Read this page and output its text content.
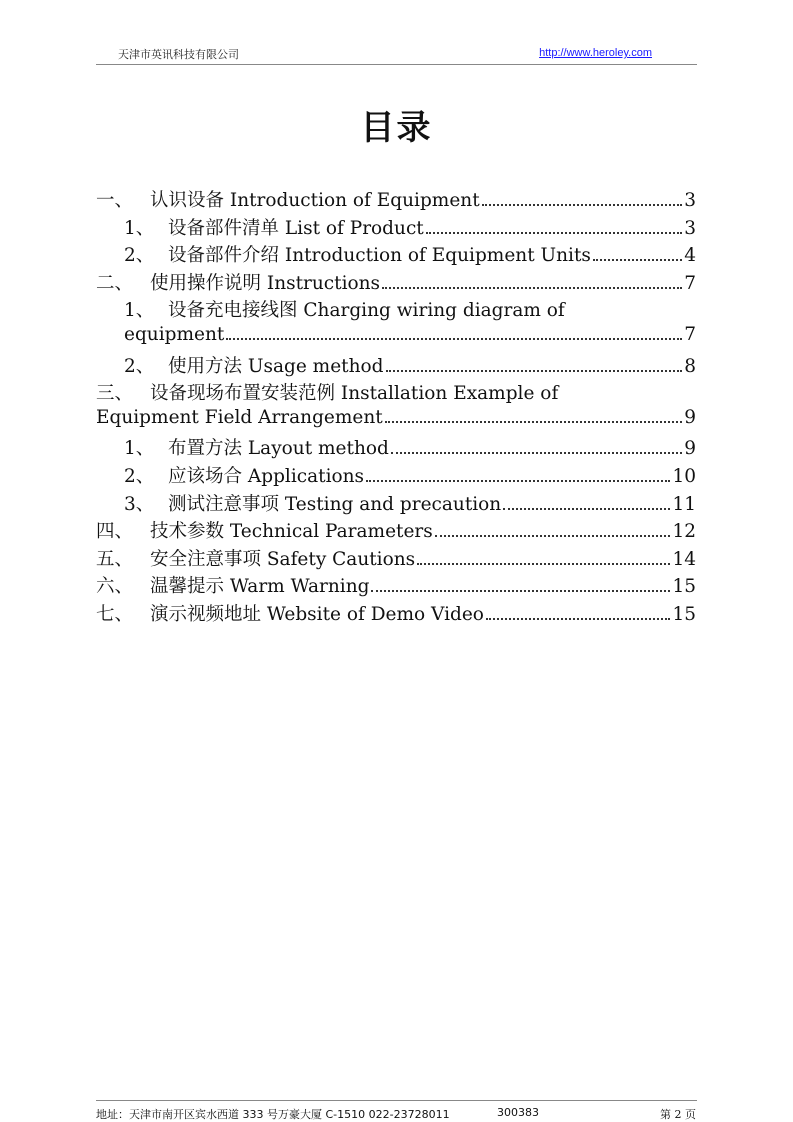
天津市英讯科技有限公司	http://www.heroley.com
目录
一、 认识设备 Introduction of Equipment	3
1、 设备部件清单 List of Product	3
2、 设备部件介绍 Introduction of Equipment Units	4
二、 使用操作说明 Instructions	7
1、 设备充电接线图 Charging wiring diagram of
equipment	7
2、 使用方法 Usage method	8
三、 设备现场布置安装范例 Installation Example of
Equipment Field Arrangement	9
1、 布置方法 Layout method	9
2、 应该场合 Applications	10
3、 测试注意事项 Testing and precaution	11
四、 技术参数 Technical Parameters	12
五、 安全注意事项 Safety Cautions	14
六、 温馨提示 Warm Warning	15
七、 演示视频地址 Website of Demo Video	15
地址：天津市南开区宾水西道 333 号万豪大厦 C-1510 022-23728011	300383	第 2 页
